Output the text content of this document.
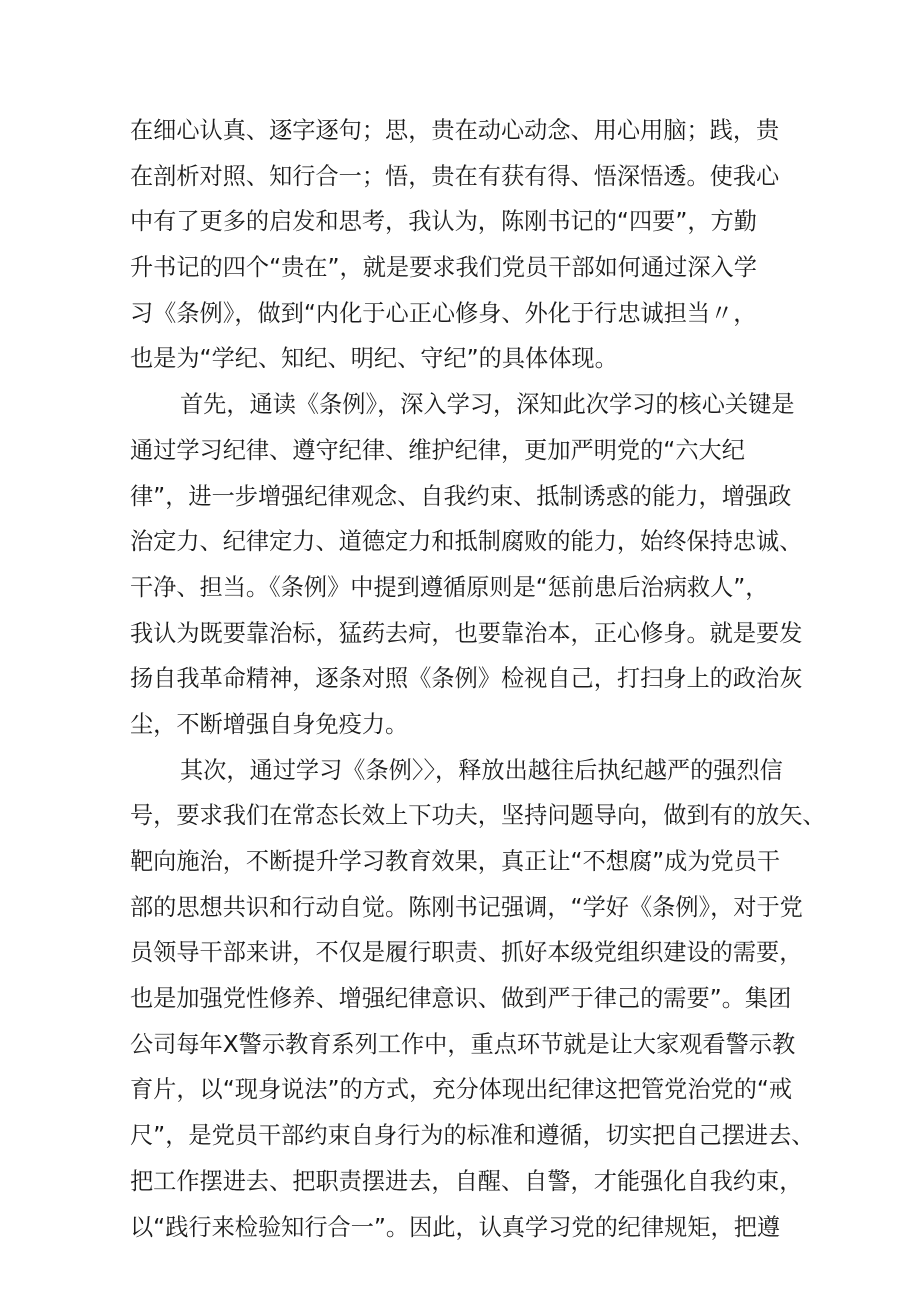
在细心认真、逐字逐句；思，贵在动心动念、用心用脑；践，贵
在剖析对照、知行合一；悟，贵在有获有得、悟深悟透。使我心
中有了更多的启发和思考，我认为，陈刚书记的“四要”，方勤
升书记的四个“贵在”，就是要求我们党员干部如何通过深入学
习《条例》，做到“内化于心正心修身、外化于行忠诚担当〃，
也是为“学纪、知纪、明纪、守纪”的具体体现。
首先，通读《条例》，深入学习，深知此次学习的核心关键是
通过学习纪律、遵守纪律、维护纪律，更加严明党的“六大纪
律”，进一步增强纪律观念、自我约束、抵制诱惑的能力，增强政
治定力、纪律定力、道德定力和抵制腐败的能力，始终保持忠诚、
干净、担当。《条例》中提到遵循原则是“惩前患后治病救人”，
我认为既要靠治标，猛药去疴，也要靠治本，正心修身。就是要发
扬自我革命精神，逐条对照《条例》检视自己，打扫身上的政治灰
尘，不断增强自身免疫力。
其次，通过学习《条例〉〉，释放出越往后执纪越严的强烈信
号，要求我们在常态长效上下功夫，坚持问题导向，做到有的放矢、
靶向施治，不断提升学习教育效果，真正让“不想腐”成为党员干
部的思想共识和行动自觉。陈刚书记强调，“学好《条例》，对于党
员领导干部来讲，不仅是履行职责、抓好本级党组织建设的需要，
也是加强党性修养、增强纪律意识、做到严于律己的需要”。集团
公司每年X警示教育系列工作中，重点环节就是让大家观看警示教
育片，以“现身说法”的方式，充分体现出纪律这把管党治党的“戒
尺”，是党员干部约束自身行为的标准和遵循，切实把自己摆进去、
把工作摆进去、把职责摆进去，自醒、自警，才能强化自我约束，
以“践行来检验知行合一”。因此，认真学习党的纪律规矩，把遵
